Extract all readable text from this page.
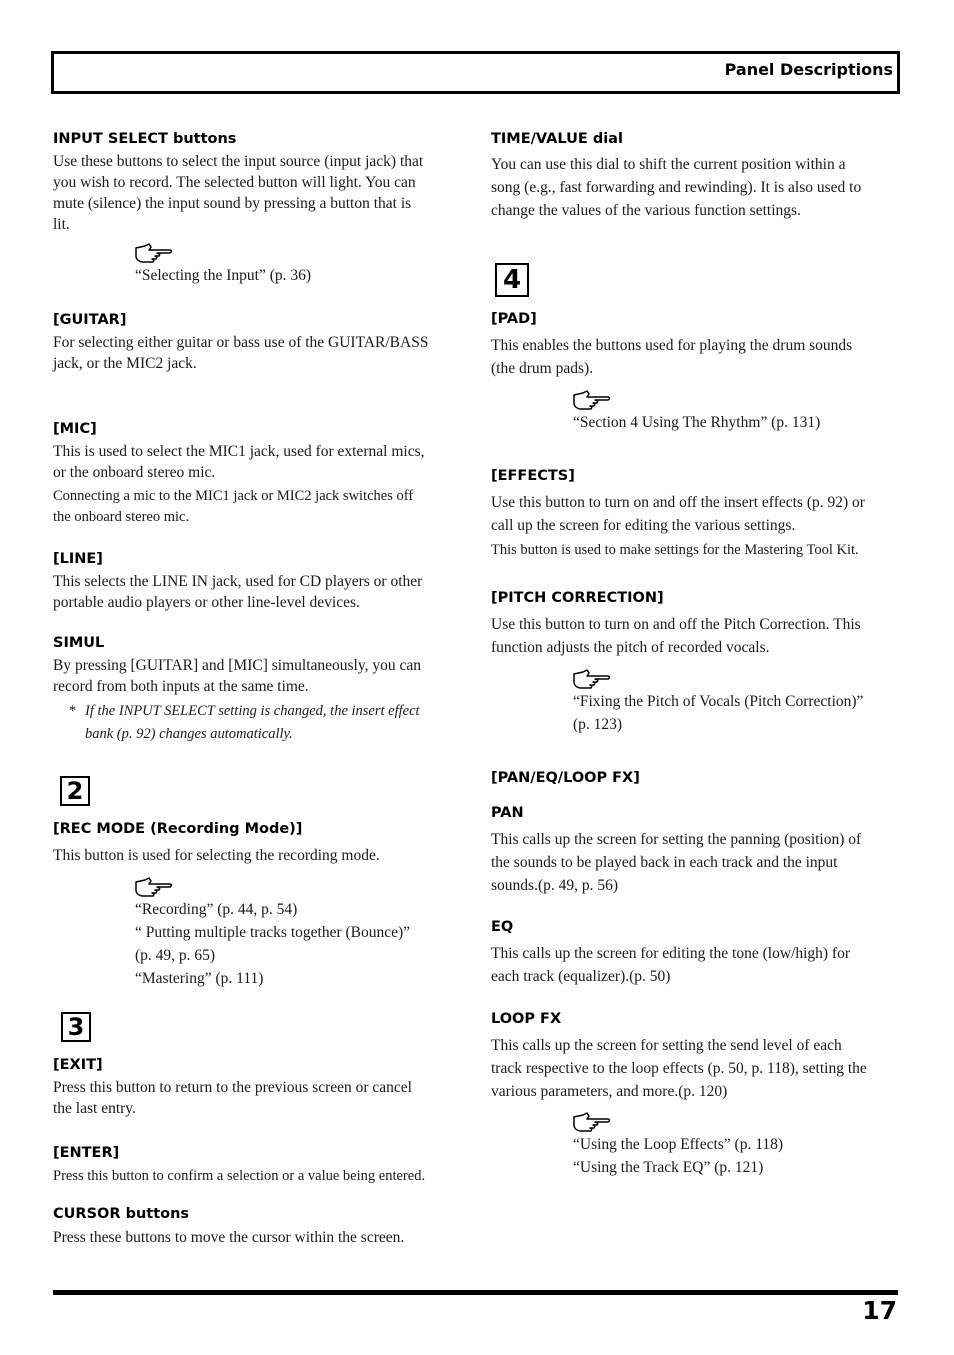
Panel Descriptions

INPUT SELECT buttons

Use these buttons to select the input source (input jack) that
you wish to record. The selected button will light. You can
mute (silence) the input sound by pressing a button that is
lit.
“Selecting the Input” (p. 36)

[GUITAR]

For selecting either guitar or bass use of the GUITAR/BASS
jack, or the MIC2 jack.

[MIC]

This is used to select the MIC1 jack, used for external mics,
or the onboard stereo mic.
Connecting a mic to the MIC1 jack or MIC2 jack switches off
the onboard stereo mic.

[LINE]

This selects the LINE IN jack, used for CD players or other
portable audio players or other line-level devices.

SIMUL

By pressing [GUITAR] and [MIC] simultaneously, you can
record from both inputs at the same time.
* If the INPUT SELECT setting is changed, the insert effect
bank (p. 92) changes automatically.
2

[REC MODE (Recording Mode)]

This button is used for selecting the recording mode.
“Recording” (p. 44, p. 54)
“ Putting multiple tracks together (Bounce)”
(p. 49, p. 65)
“Mastering” (p. 111)
3

[EXIT]

Press this button to return to the previous screen or cancel
the last entry.

[ENTER]

Press this button to confirm a selection or a value being entered.

CURSOR buttons

Press these buttons to move the cursor within the screen.

TIME/VALUE dial

You can use this dial to shift the current position within a
song (e.g., fast forwarding and rewinding). It is also used to
change the values of the various function settings.
4

[PAD]

This enables the buttons used for playing the drum sounds
(the drum pads).
“Section 4 Using The Rhythm” (p. 131)

[EFFECTS]

Use this button to turn on and off the insert effects (p. 92) or
call up the screen for editing the various settings.
This button is used to make settings for the Mastering Tool Kit.

[PITCH CORRECTION]

Use this button to turn on and off the Pitch Correction. This
function adjusts the pitch of recorded vocals.
“Fixing the Pitch of Vocals (Pitch Correction)”
(p. 123)

[PAN/EQ/LOOP FX]

PAN

This calls up the screen for setting the panning (position) of
the sounds to be played back in each track and the input
sounds.(p. 49, p. 56)

EQ

This calls up the screen for editing the tone (low/high) for
each track (equalizer).(p. 50)

LOOP FX

This calls up the screen for setting the send level of each
track respective to the loop effects (p. 50, p. 118), setting the
various parameters, and more.(p. 120)
“Using the Loop Effects” (p. 118)
“Using the Track EQ” (p. 121)
17
